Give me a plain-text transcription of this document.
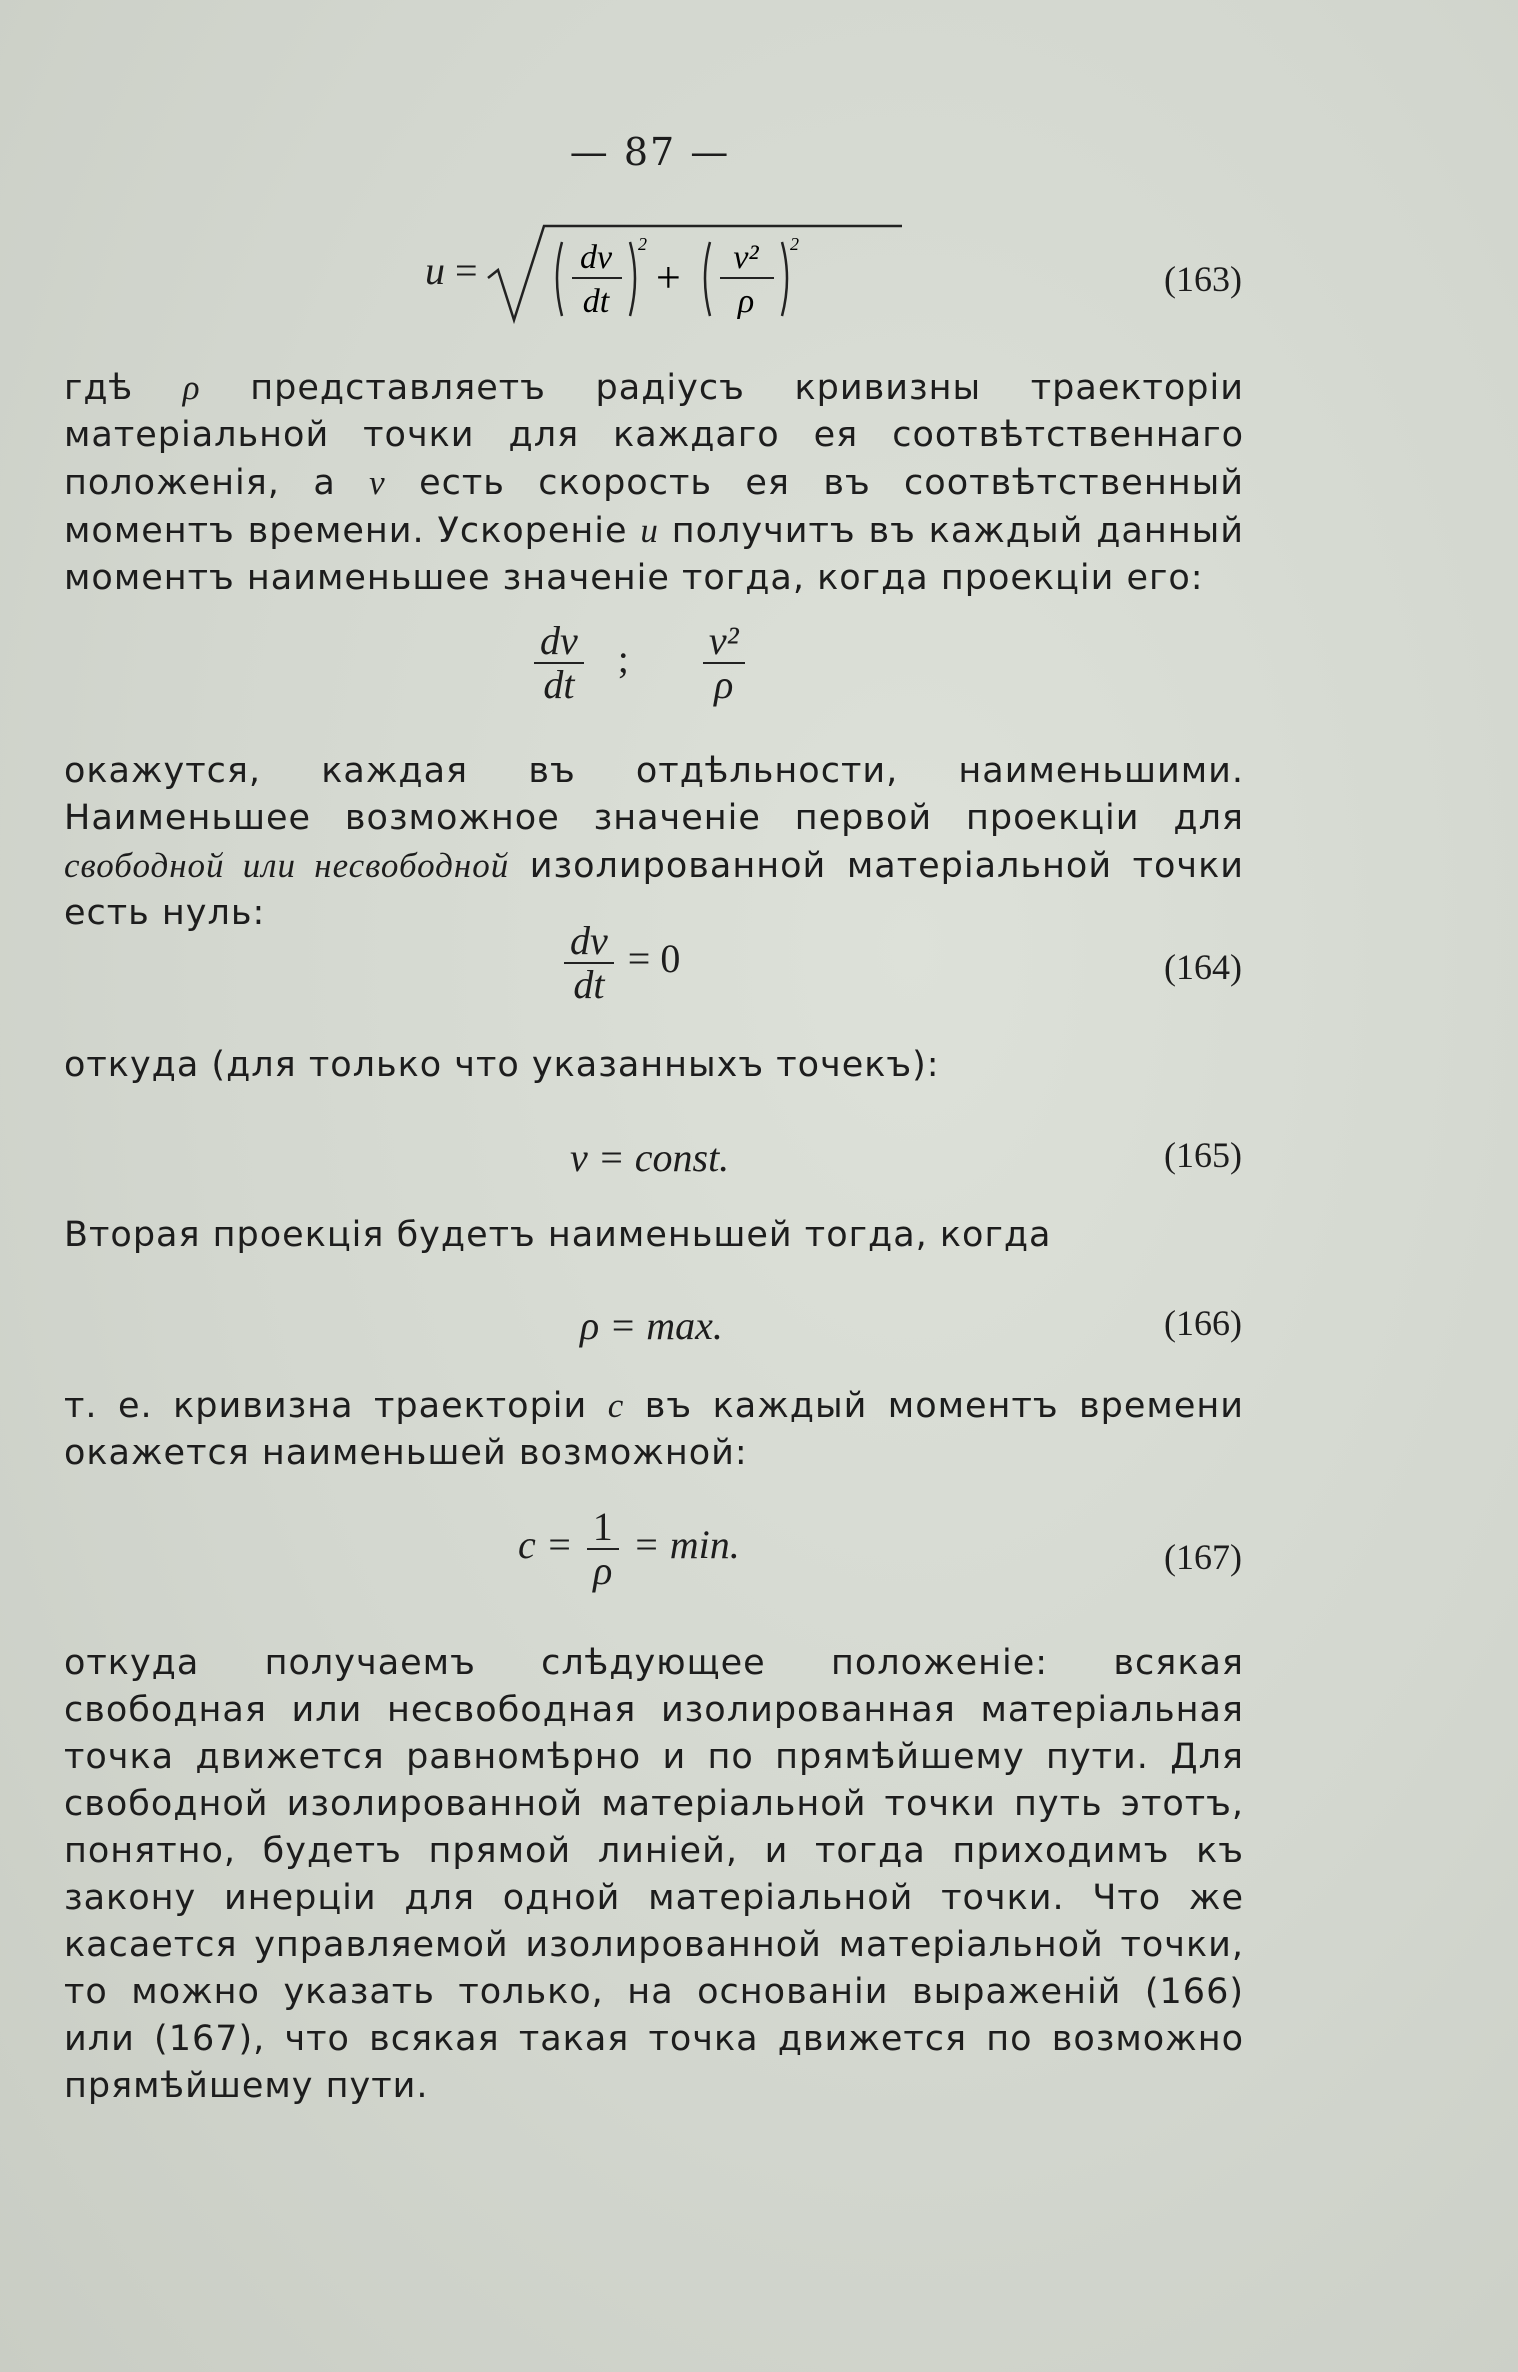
— 87 —
u =	dv
dt
2
+ v²
ρ
2
(163)
гдѣ ρ представляетъ радіусъ кривизны траекторіи матеріальной точки для каждаго ея соотвѣтственнаго положенія, а v есть скорость ея въ соотвѣтственный моментъ времени. Ускореніе u получитъ въ каждый данный моментъ наименьшее значеніе тогда, когда проекціи его:
$\frac{dv}{dt}$ ; $\frac{\text{v²}}{\rho}$
окажутся, каждая въ отдѣльности, наименьшими. Наименьшее возможное значеніе первой проекціи для свободной или несвободной изолированной матеріальной точки есть нуль:
$\frac{dv}{dt} = 0$	(164)
откуда (для только что указанныхъ точекъ):
v = const.	(165)
Вторая проекція будетъ наименьшей тогда, когда
ρ = max.	(166)
т. е. кривизна траекторіи c въ каждый моментъ времени окажется наименьшей возможной:
$c = \frac{1}{\rho} = \min$.	(167)
откуда получаемъ слѣдующее положеніе: всякая свободная или несвободная изолированная матеріальная точка движется равномѣрно и по прямѣйшему пути. Для свободной изолированной матеріальной точки путь этотъ, понятно, будетъ прямой линіей, и тогда приходимъ къ закону инерціи для одной матеріальной точки. Что же касается управляемой изолированной матеріальной точки, то можно указать только, на основаніи выраженій (166) или (167), что всякая такая точка движется по возможно прямѣйшему пути.
